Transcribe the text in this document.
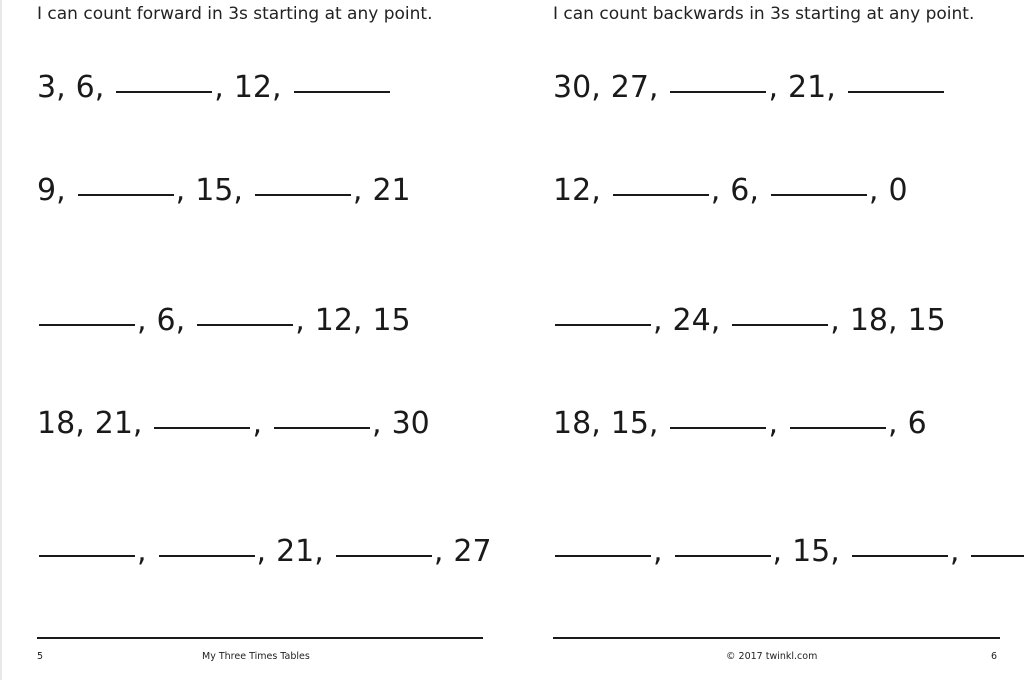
I can count forward in 3s starting at any point.
3 , 6 ,	, 12 ,
9 ,	, 15 ,	, 21
, 6 ,	, 12 , 15
18 , 21 ,	,	, 30
,	, 21 ,	, 27
5	My Three Times Tables
I can count backwards in 3s starting at any point.
30 , 27 ,	, 21 ,
12 ,	, 6 ,	, 0
, 24 ,	, 18 , 15
18 , 15 ,	,	, 6
,	, 15 ,	,
© 2017 twinkl.com	6
